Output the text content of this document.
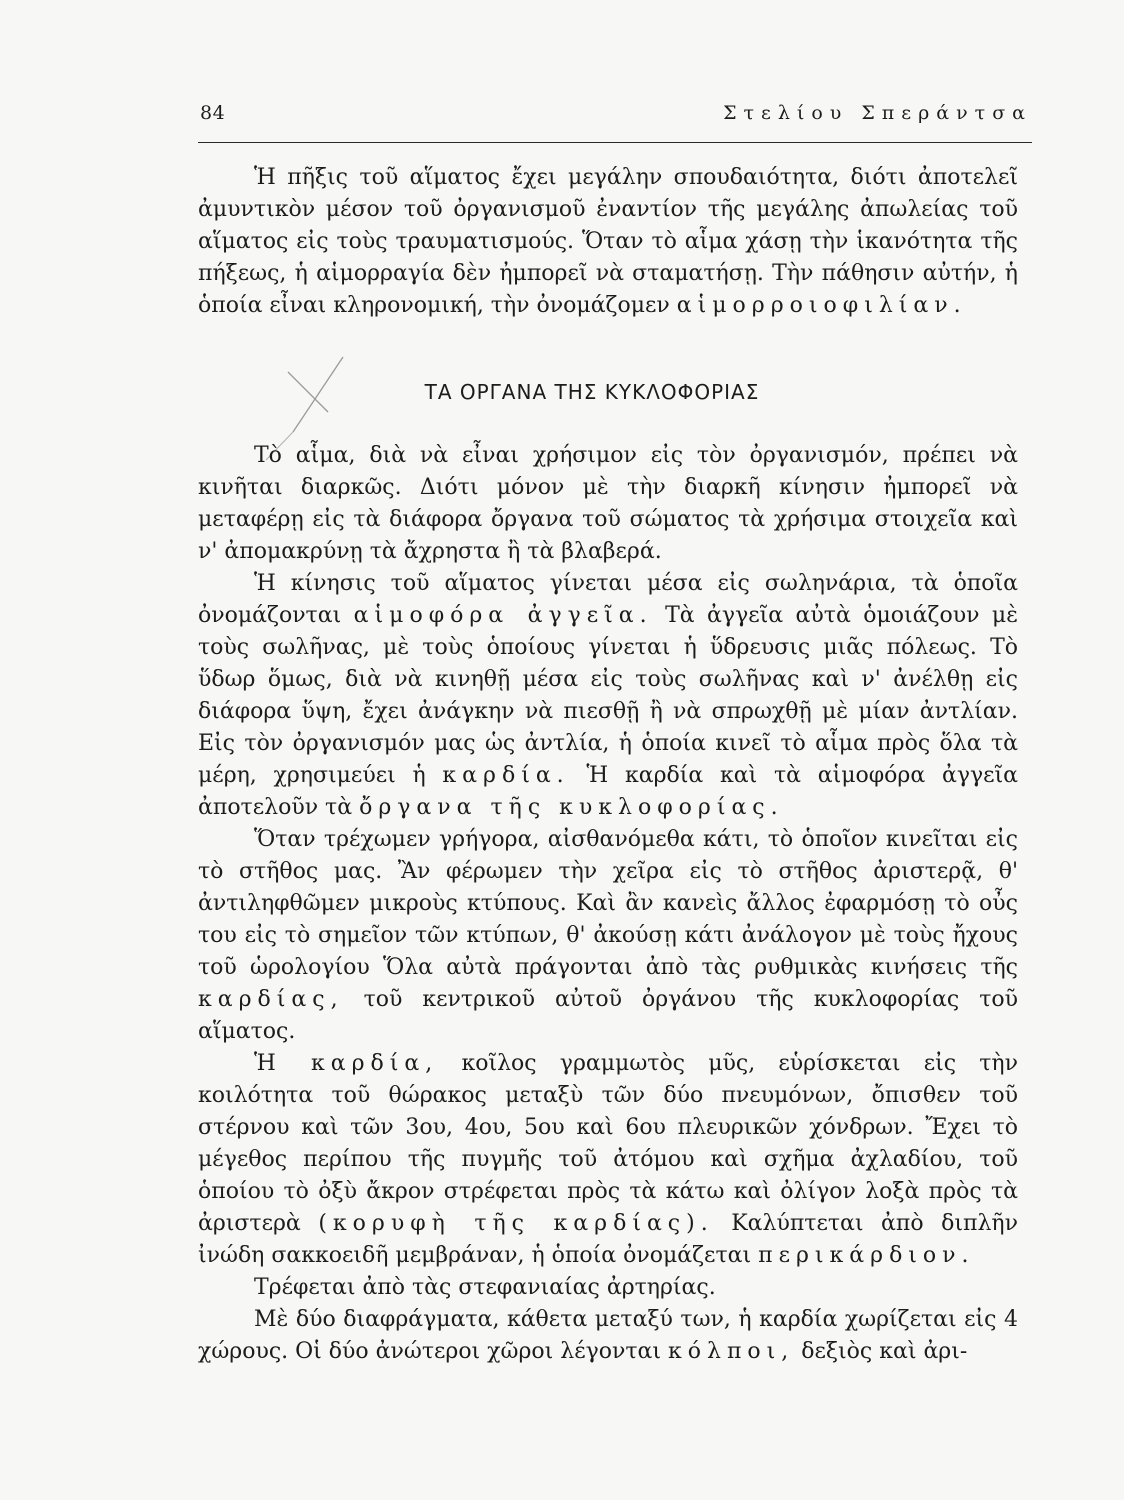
84	Στελίου Σπεράντσα

Ἡ πῆξις τοῦ αἵματος ἔχει μεγάλην σπουδαιότητα, διότι ἀποτελεῖ ἀμυντικὸν μέσον τοῦ ὀργανισμοῦ ἐναντίον τῆς μεγάλης ἀπωλείας τοῦ αἵματος εἰς τοὺς τραυματισμούς. Ὅταν τὸ αἷμα χάσῃ τὴν ἱκανότητα τῆς πήξεως, ἡ αἱμορραγία δὲν ἠμπορεῖ νὰ σταματήσῃ. Τὴν πάθησιν αὐτήν, ἡ ὁποία εἶναι κληρονομική, τὴν ὀνομάζομεν αἱμορροιοφιλίαν.

ΤΑ ΟΡΓΑΝΑ ΤΗΣ ΚΥΚΛΟΦΟΡΙΑΣ

Τὸ αἷμα, διὰ νὰ εἶναι χρήσιμον εἰς τὸν ὀργανισμόν, πρέπει νὰ κινῆται διαρκῶς. Διότι μόνον μὲ τὴν διαρκῆ κίνησιν ἠμπορεῖ νὰ μεταφέρῃ εἰς τὰ διάφορα ὄργανα τοῦ σώματος τὰ χρήσιμα στοιχεῖα καὶ ν' ἀπομακρύνῃ τὰ ἄχρηστα ἢ τὰ βλαβερά.

Ἡ κίνησις τοῦ αἵματος γίνεται μέσα εἰς σωληνάρια, τὰ ὁποῖα ὀνομάζονται αἱμοφόρα ἀγγεῖα. Τὰ ἀγγεῖα αὐτὰ ὁμοιάζουν μὲ τοὺς σωλῆνας, μὲ τοὺς ὁποίους γίνεται ἡ ὕδρευσις μιᾶς πόλεως. Τὸ ὕδωρ ὅμως, διὰ νὰ κινηθῇ μέσα εἰς τοὺς σωλῆνας καὶ ν' ἀνέλθῃ εἰς διάφορα ὕψη, ἔχει ἀνάγκην νὰ πιεσθῇ ἢ νὰ σπρωχθῇ μὲ μίαν ἀντλίαν. Εἰς τὸν ὀργανισμόν μας ὡς ἀντλία, ἡ ὁποία κινεῖ τὸ αἷμα πρὸς ὅλα τὰ μέρη, χρησιμεύει ἡ καρδία. Ἡ καρδία καὶ τὰ αἱμοφόρα ἀγγεῖα ἀποτελοῦν τὰ ὄργανα τῆς κυκλοφορίας.

Ὅταν τρέχωμεν γρήγορα, αἰσθανόμεθα κάτι, τὸ ὁποῖον κινεῖται εἰς τὸ στῆθος μας. Ἂν φέρωμεν τὴν χεῖρα εἰς τὸ στῆθος ἀριστερᾷ, θ' ἀντιληφθῶμεν μικροὺς κτύπους. Καὶ ἂν κανεὶς ἄλλος ἐφαρμόσῃ τὸ οὖς του εἰς τὸ σημεῖον τῶν κτύπων, θ' ἀκούσῃ κάτι ἀνάλογον μὲ τοὺς ἤχους τοῦ ὡρολογίου Ὅλα αὐτὰ πράγονται ἀπὸ τὰς ρυθμικὰς κινήσεις τῆς καρδίας, τοῦ κεντρικοῦ αὐτοῦ ὀργάνου τῆς κυκλοφορίας τοῦ αἵματος.

Ἡ καρδία, κοῖλος γραμμωτὸς μῦς, εὑρίσκεται εἰς τὴν κοιλότητα τοῦ θώρακος μεταξὺ τῶν δύο πνευμόνων, ὄπισθεν τοῦ στέρνου καὶ τῶν 3ου, 4ου, 5ου καὶ 6ου πλευρικῶν χόνδρων. Ἔχει τὸ μέγεθος περίπου τῆς πυγμῆς τοῦ ἀτόμου καὶ σχῆμα ἀχλαδίου, τοῦ ὁποίου τὸ ὀξὺ ἄκρον στρέφεται πρὸς τὰ κάτω καὶ ὀλίγον λοξὰ πρὸς τὰ ἀριστερὰ (κορυφὴ τῆς καρδίας). Καλύπτεται ἀπὸ διπλῆν ἰνώδη σακκοειδῆ μεμβράναν, ἡ ὁποία ὀνομάζεται περικάρδιον.

Τρέφεται ἀπὸ τὰς στεφανιαίας ἀρτηρίας.

Μὲ δύο διαφράγματα, κάθετα μεταξύ των, ἡ καρδία χωρίζεται εἰς 4 χώρους. Οἱ δύο ἀνώτεροι χῶροι λέγονται κόλποι, δεξιὸς καὶ ἀρι-
